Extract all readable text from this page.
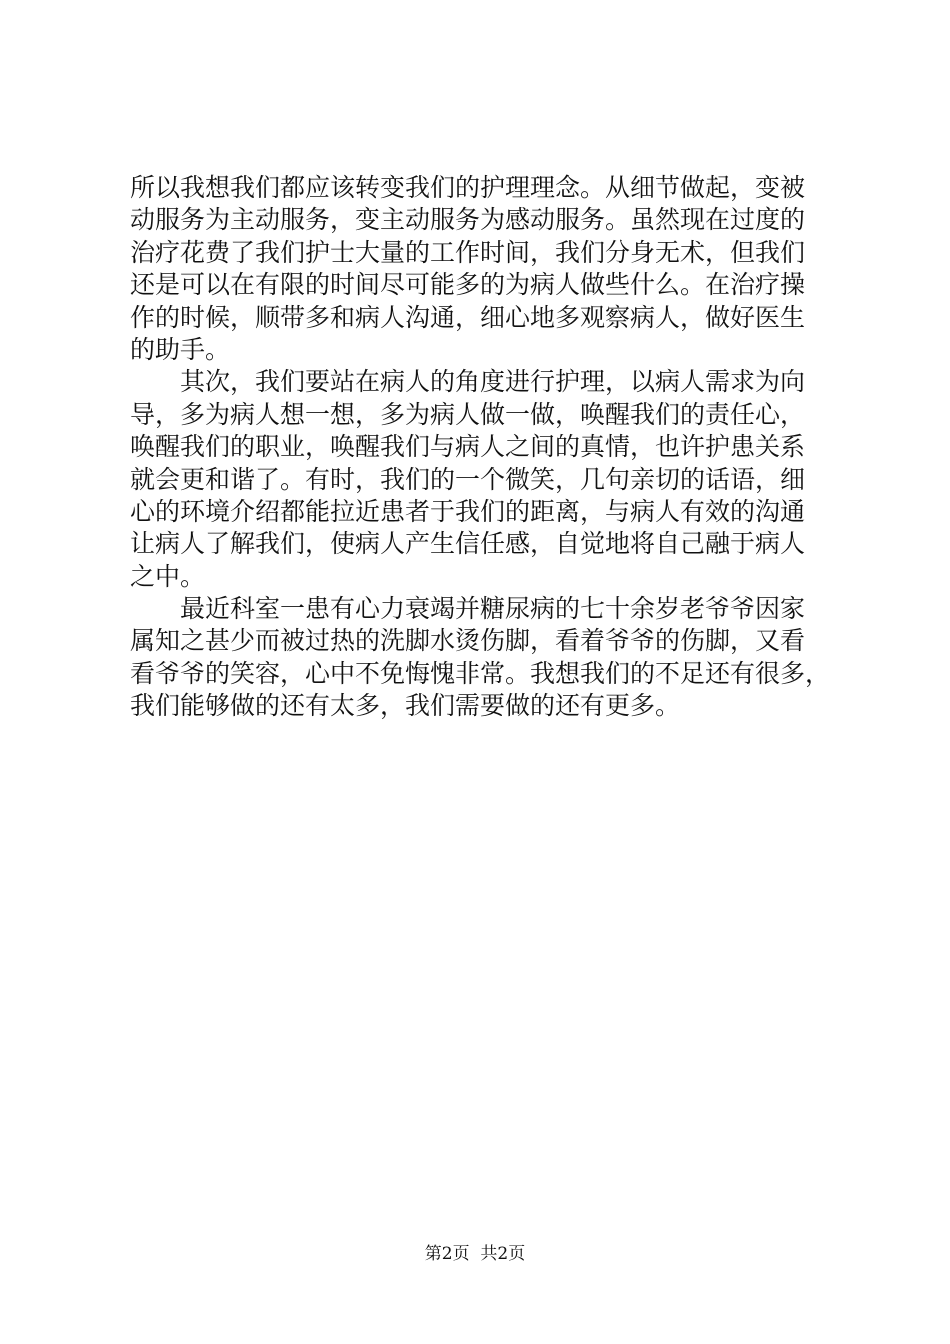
所以我想我们都应该转变我们的护理理念。从细节做起，变被
动服务为主动服务，变主动服务为感动服务。虽然现在过度的
治疗花费了我们护士大量的工作时间，我们分身无术，但我们
还是可以在有限的时间尽可能多的为病人做些什么。在治疗操
作的时候，顺带多和病人沟通，细心地多观察病人，做好医生
的助手。
其次，我们要站在病人的角度进行护理，以病人需求为向
导，多为病人想一想，多为病人做一做，唤醒我们的责任心，
唤醒我们的职业，唤醒我们与病人之间的真情，也许护患关系
就会更和谐了。有时，我们的一个微笑，几句亲切的话语，细
心的环境介绍都能拉近患者于我们的距离，与病人有效的沟通
让病人了解我们，使病人产生信任感，自觉地将自己融于病人
之中。
最近科室一患有心力衰竭并糖尿病的七十余岁老爷爷因家
属知之甚少而被过热的洗脚水烫伤脚，看着爷爷的伤脚，又看
看爷爷的笑容，心中不免悔愧非常。我想我们的不足还有很多，
我们能够做的还有太多，我们需要做的还有更多。
第2页 共2页
